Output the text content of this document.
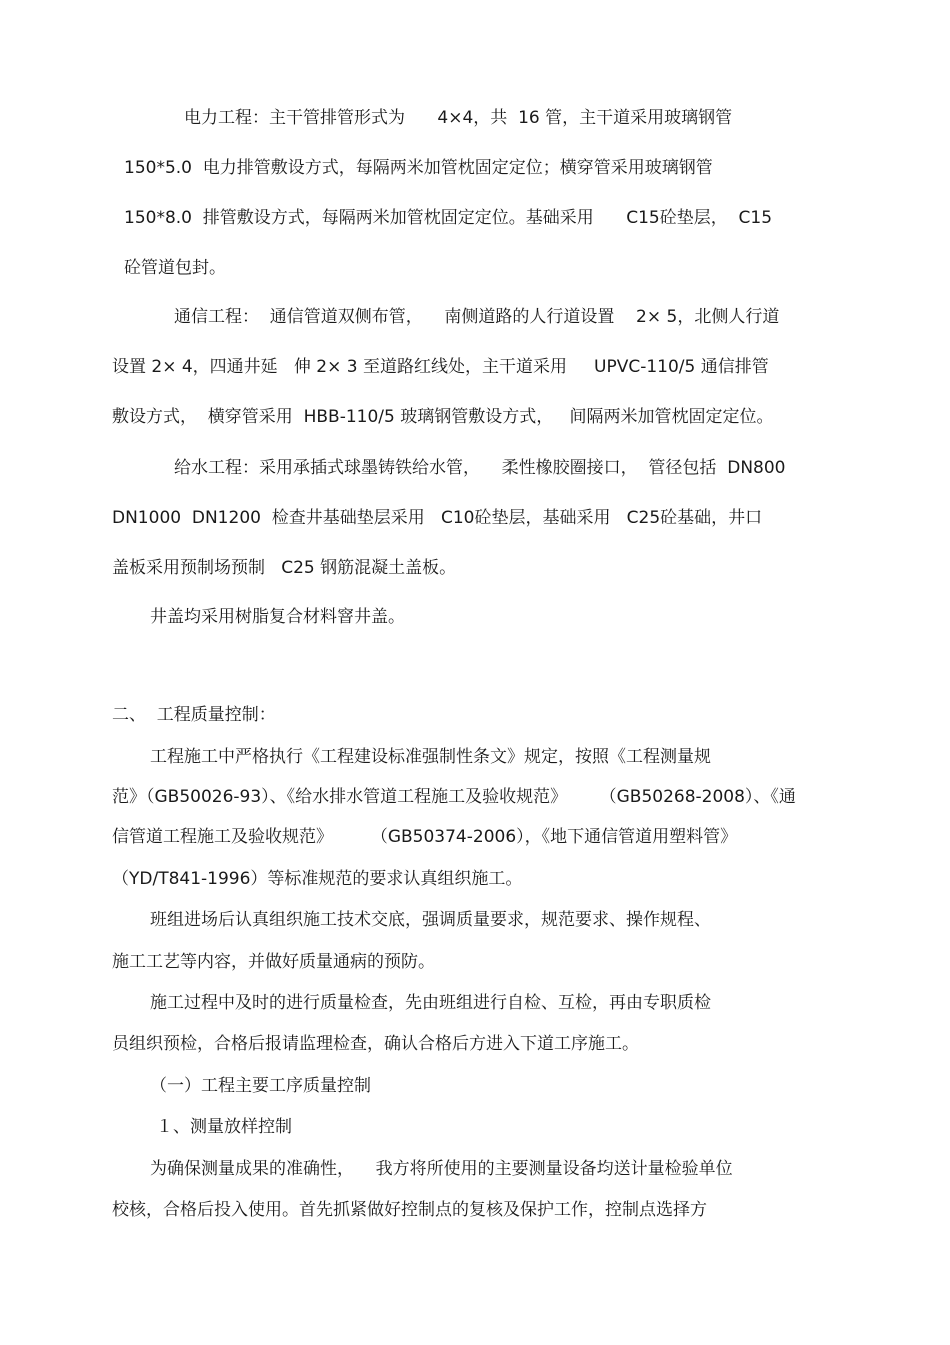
电力工程：主干管排管形式为      4×4，共  16 管，主干道采用玻璃钢管
150*5.0  电力排管敷设方式，每隔两米加管枕固定定位；横穿管采用玻璃钢管
150*8.0  排管敷设方式，每隔两米加管枕固定定位。基础采用      C15砼垫层，  C15
砼管道包封。
通信工程：  通信管道双侧布管，    南侧道路的人行道设置    2× 5，北侧人行道
设置 2× 4，四通井延   伸 2× 3 至道路红线处，主干道采用     UPVC-110/5 通信排管
敷设方式，  横穿管采用  HBB-110/5 玻璃钢管敷设方式，   间隔两米加管枕固定定位。
给水工程：采用承插式球墨铸铁给水管，    柔性橡胶圈接口，  管径包括  DN800
DN1000  DN1200  检查井基础垫层采用   C10砼垫层，基础采用   C25砼基础，井口
盖板采用预制场预制   C25 钢筋混凝土盖板。
井盖均采用树脂复合材料窨井盖。
二、  工程质量控制：
工程施工中严格执行《工程建设标准强制性条文》规定，按照《工程测量规
范》（GB50026-93）、《给水排水管道工程施工及验收规范》      （GB50268-2008）、《通
信管道工程施工及验收规范》       （GB50374-2006），《地下通信管道用塑料管》
（YD/T841-1996）等标准规范的要求认真组织施工。
班组进场后认真组织施工技术交底，强调质量要求，规范要求、操作规程、
施工工艺等内容，并做好质量通病的预防。
施工过程中及时的进行质量检查，先由班组进行自检、互检，再由专职质检
员组织预检，合格后报请监理检查，确认合格后方进入下道工序施工。
（一）工程主要工序质量控制
１、测量放样控制
为确保测量成果的准确性，    我方将所使用的主要测量设备均送计量检验单位
校核，合格后投入使用。首先抓紧做好控制点的复核及保护工作，控制点选择方
